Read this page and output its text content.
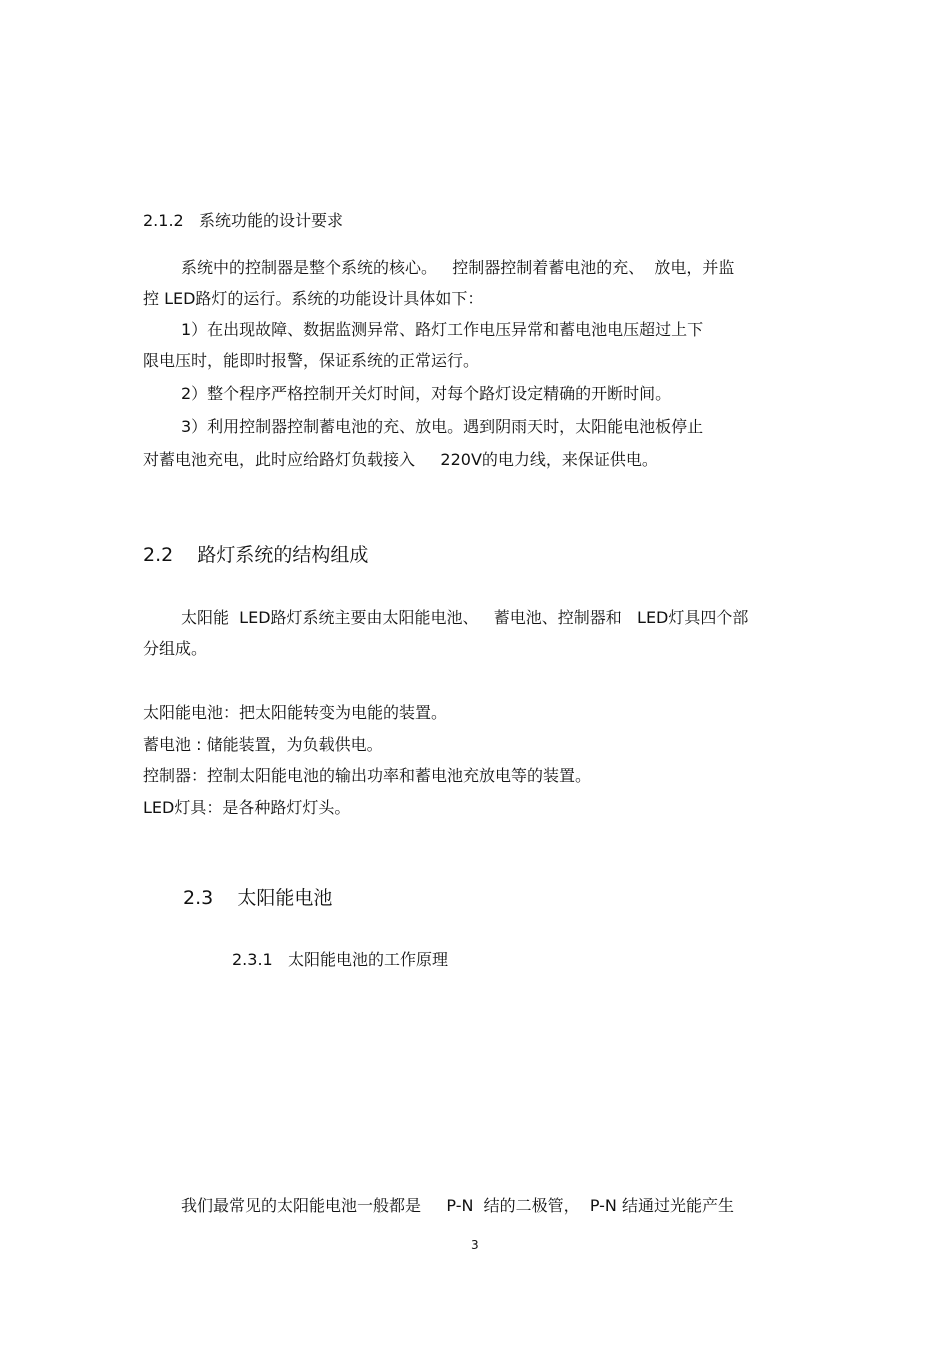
2.1.2   系统功能的设计要求
系统中的控制器是整个系统的核心。   控制器控制着蓄电池的充、  放电，并监
控 LED路灯的运行。系统的功能设计具体如下：
1）在出现故障、数据监测异常、路灯工作电压异常和蓄电池电压超过上下
限电压时，能即时报警，保证系统的正常运行。
2）整个程序严格控制开关灯时间，对每个路灯设定精确的开断时间。
3）利用控制器控制蓄电池的充、放电。遇到阴雨天时，太阳能电池板停止
对蓄电池充电，此时应给路灯负载接入     220V的电力线，来保证供电。
2.2    路灯系统的结构组成
太阳能  LED路灯系统主要由太阳能电池、   蓄电池、控制器和   LED灯具四个部
分组成。
太阳能电池：把太阳能转变为电能的装置。
蓄电池 : 储能装置，为负载供电。
控制器：控制太阳能电池的输出功率和蓄电池充放电等的装置。
LED灯具：是各种路灯灯头。
2.3    太阳能电池
2.3.1   太阳能电池的工作原理
我们最常见的太阳能电池一般都是     P-N  结的二极管，  P-N 结通过光能产生
3
